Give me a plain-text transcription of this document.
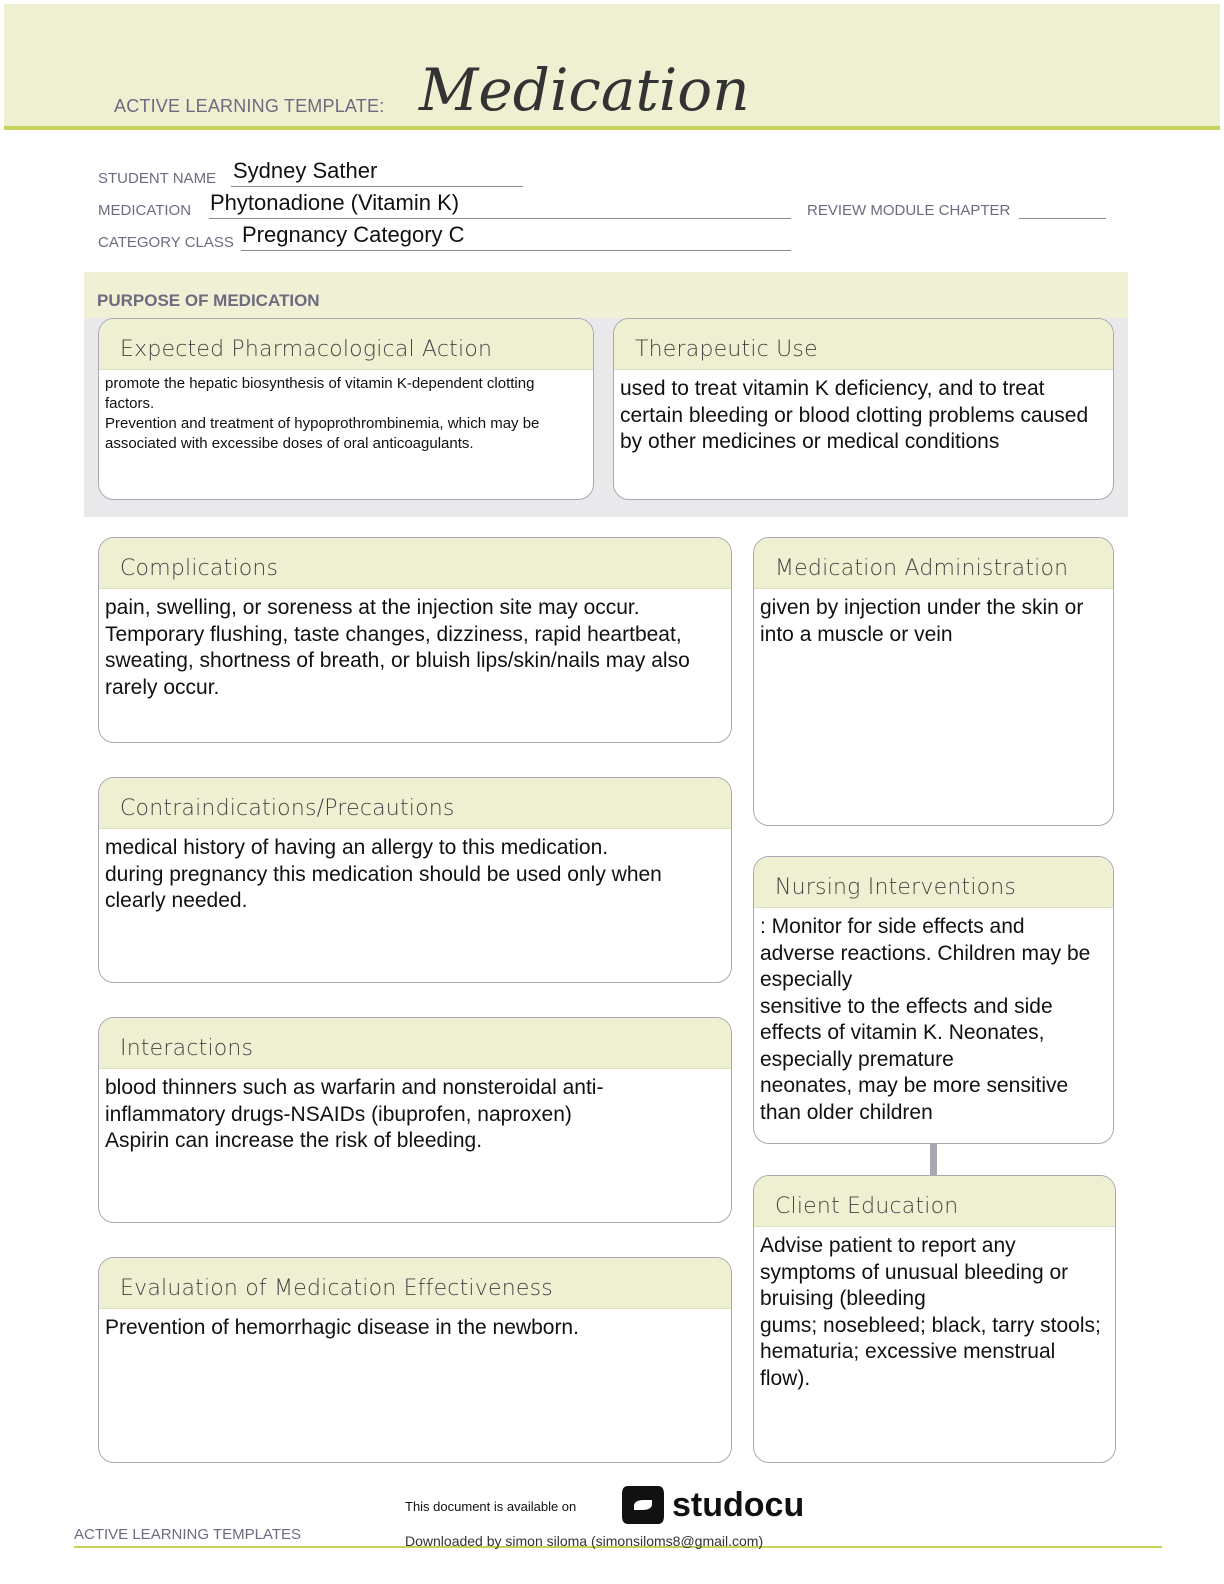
ACTIVE LEARNING TEMPLATE: Medication
STUDENT NAME Sydney Sather
MEDICATION Phytonadione (Vitamin K)	REVIEW MODULE CHAPTER
CATEGORY CLASS Pregnancy Category C
PURPOSE OF MEDICATION
Expected Pharmacological Action
promote the hepatic biosynthesis of vitamin K-dependent clotting factors.
Prevention and treatment of hypoprothrombinemia, which may be associated with excessibe doses of oral anticoagulants.
Therapeutic Use
used to treat vitamin K deficiency, and to treat certain bleeding or blood clotting problems caused by other medicines or medical conditions
Complications
pain, swelling, or soreness at the injection site may occur. Temporary flushing, taste changes, dizziness, rapid heartbeat, sweating, shortness of breath, or bluish lips/skin/nails may also rarely occur.
Medication Administration
given by injection under the skin or into a muscle or vein
Contraindications/Precautions
medical history of having an allergy to this medication.
during pregnancy this medication should be used only when clearly needed.
Nursing Interventions
: Monitor for side effects and adverse reactions. Children may be especially
sensitive to the effects and side effects of vitamin K. Neonates, especially premature
neonates, may be more sensitive than older children
Interactions
blood thinners such as warfarin and nonsteroidal anti-inflammatory drugs-NSAIDs (ibuprofen, naproxen)
Aspirin can increase the risk of bleeding.
Client Education
Advise patient to report any symptoms of unusual bleeding or bruising (bleeding
gums; nosebleed; black, tarry stools; hematuria; excessive menstrual flow).
Evaluation of Medication Effectiveness
Prevention of hemorrhagic disease in the newborn.
This document is available on	studocu
ACTIVE LEARNING TEMPLATES	Downloaded by simon siloma (simonsiloms8@gmail.com)
